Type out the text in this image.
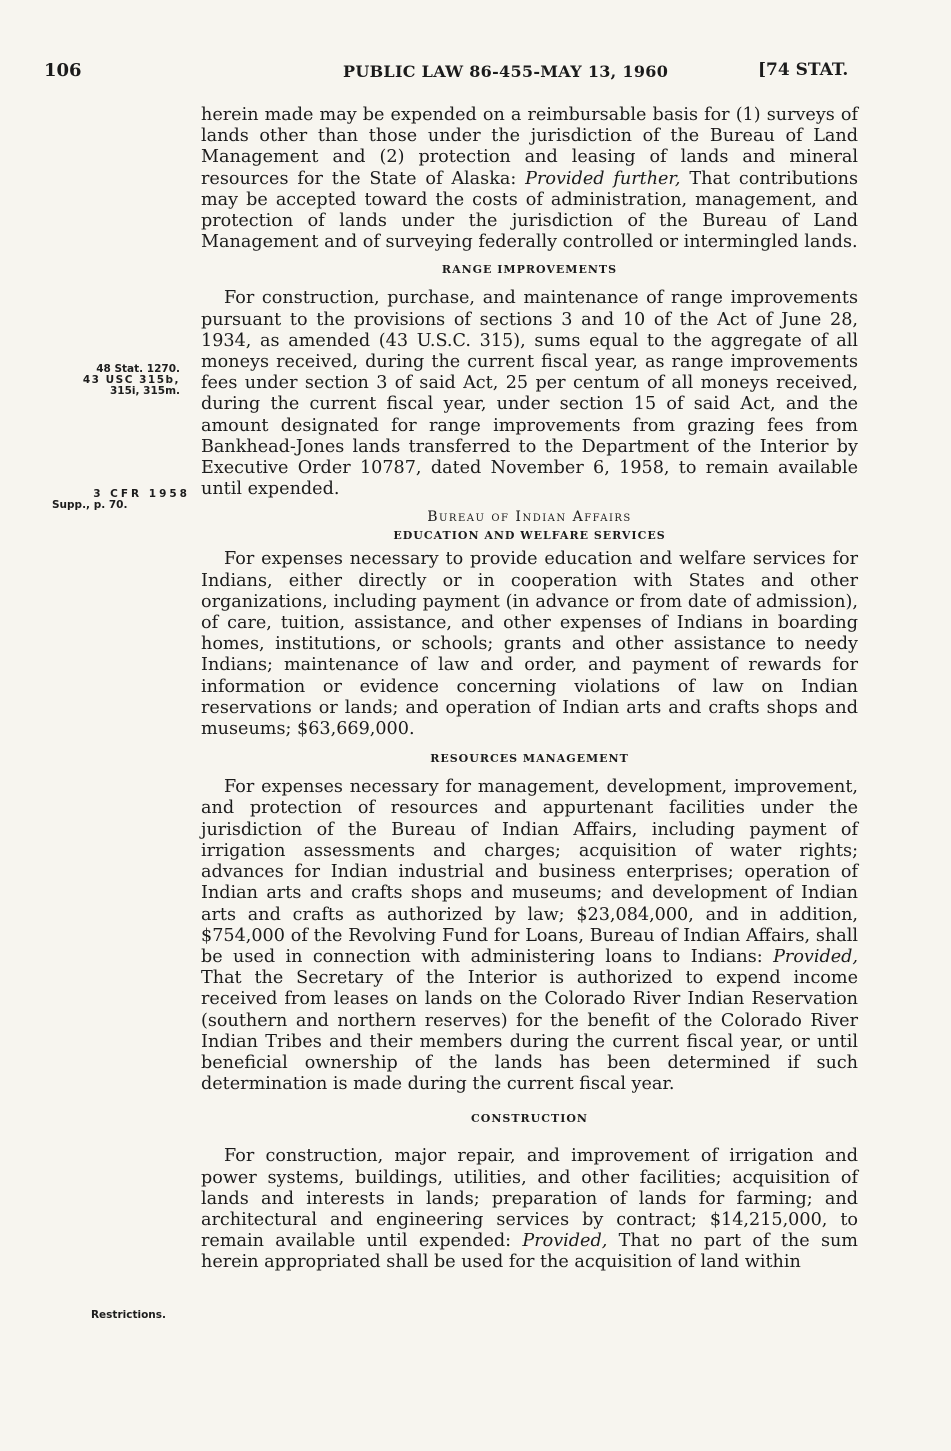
106	PUBLIC LAW 86-455-MAY 13, 1960	[74 STAT.
48 Stat. 1270.
43 USC 315b,
315i, 315m.
3 CFR 1958
Supp., p. 70.
Restrictions.

herein made may be expended on a reimbursable basis for (1) surveys of lands other than those under the jurisdiction of the Bureau of Land Management and (2) protection and leasing of lands and mineral resources for the State of Alaska: Provided further, That contributions may be accepted toward the costs of administration, management, and protection of lands under the jurisdiction of the Bureau of Land Management and of surveying federally controlled or intermingled lands.

RANGE IMPROVEMENTS

For construction, purchase, and maintenance of range improvements pursuant to the provisions of sections 3 and 10 of the Act of June 28, 1934, as amended (43 U.S.C. 315), sums equal to the aggregate of all moneys received, during the current fiscal year, as range improvements fees under section 3 of said Act, 25 per centum of all moneys received, during the current fiscal year, under section 15 of said Act, and the amount designated for range improvements from grazing fees from Bankhead-Jones lands transferred to the Department of the Interior by Executive Order 10787, dated November 6, 1958, to remain available until expended.

Bureau of Indian Affairs

EDUCATION AND WELFARE SERVICES

For expenses necessary to provide education and welfare services for Indians, either directly or in cooperation with States and other organizations, including payment (in advance or from date of admission), of care, tuition, assistance, and other expenses of Indians in boarding homes, institutions, or schools; grants and other assistance to needy Indians; maintenance of law and order, and payment of rewards for information or evidence concerning violations of law on Indian reservations or lands; and operation of Indian arts and crafts shops and museums; $63,669,000.

RESOURCES MANAGEMENT

For expenses necessary for management, development, improvement, and protection of resources and appurtenant facilities under the jurisdiction of the Bureau of Indian Affairs, including payment of irrigation assessments and charges; acquisition of water rights; advances for Indian industrial and business enterprises; operation of Indian arts and crafts shops and museums; and development of Indian arts and crafts as authorized by law; $23,084,000, and in addition, $754,000 of the Revolving Fund for Loans, Bureau of Indian Affairs, shall be used in connection with administering loans to Indians: Provided, That the Secretary of the Interior is authorized to expend income received from leases on lands on the Colorado River Indian Reservation (southern and northern reserves) for the benefit of the Colorado River Indian Tribes and their members during the current fiscal year, or until beneficial ownership of the lands has been determined if such determination is made during the current fiscal year.

CONSTRUCTION

For construction, major repair, and improvement of irrigation and power systems, buildings, utilities, and other facilities; acquisition of lands and interests in lands; preparation of lands for farming; and architectural and engineering services by contract; $14,215,000, to remain available until expended: Provided, That no part of the sum herein appropriated shall be used for the acquisition of land within
